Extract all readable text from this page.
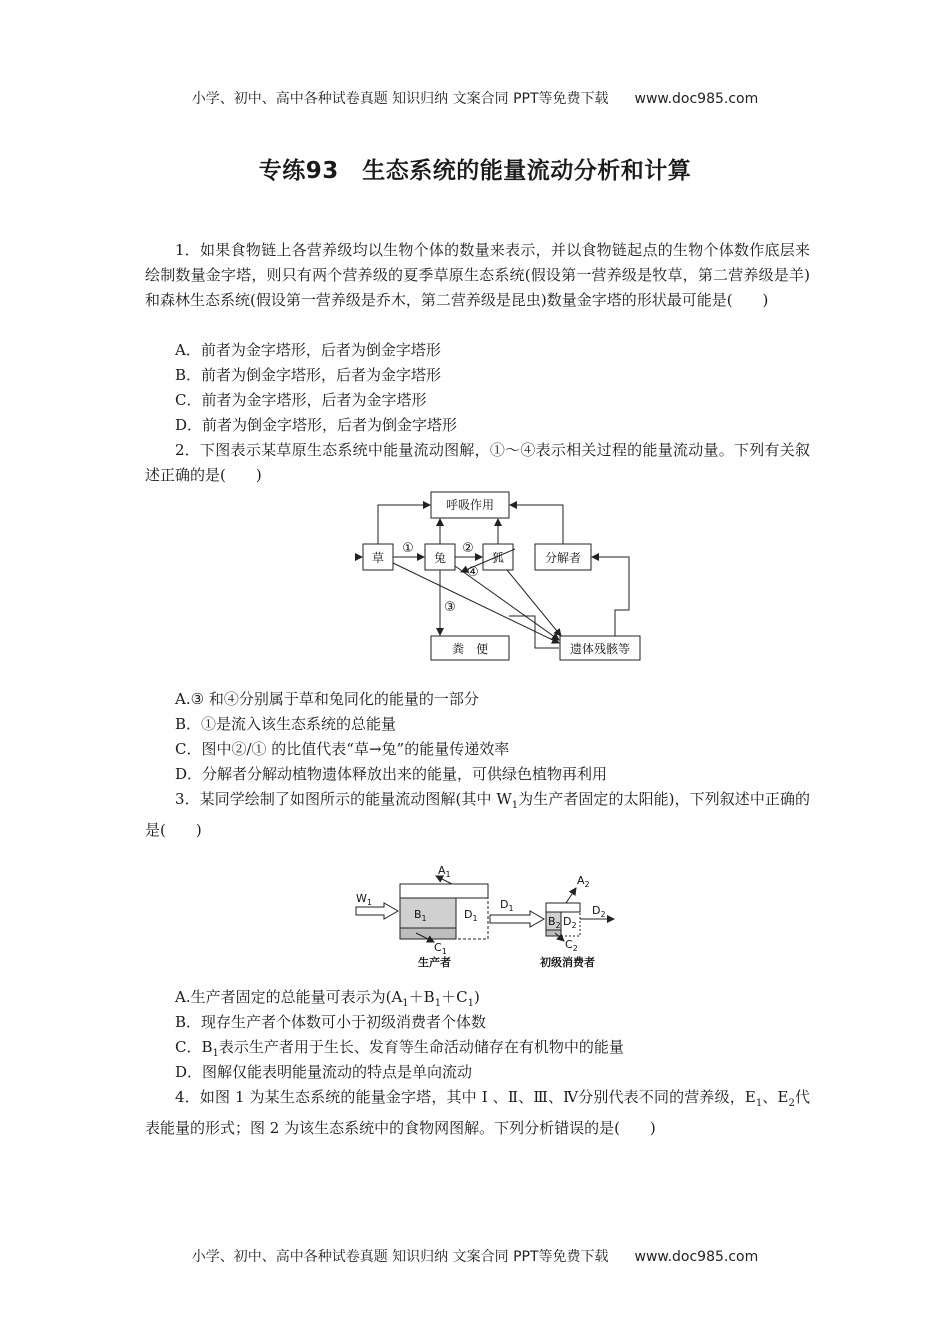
小学、初中、高中各种试卷真题 知识归纳 文案合同 PPT等免费下载 www.doc985.com
专练93　生态系统的能量流动分析和计算

1．如果食物链上各营养级均以生物个体的数量来表示，并以食物链起点的生物个体数作底层来绘制数量金字塔，则只有两个营养级的夏季草原生态系统(假设第一营养级是牧草，第二营养级是羊)和森林生态系统(假设第一营养级是乔木，第二营养级是昆虫)数量金字塔的形状最可能是(　　)

A．前者为金字塔形，后者为倒金字塔形

B．前者为倒金字塔形，后者为金字塔形

C．前者为金字塔形，后者为金字塔形

D．前者为倒金字塔形，后者为倒金字塔形

2．下图表示某草原生态系统中能量流动图解，①～④表示相关过程的能量流动量。下列有关叙述正确的是(　　)

呼吸作用
草	兔	狐	分解者
粪　便	遗体残骸等
①	②
④
③

A.③ 和④分别属于草和兔同化的能量的一部分

B．①是流入该生态系统的总能量

C．图中②/① 的比值代表“草→兔”的能量传递效率

D．分解者分解动植物遗体释放出来的能量，可供绿色植物再利用

3．某同学绘制了如图所示的能量流动图解(其中 $W_1$为生产者固定的太阳能)，下列叙述中正确的是(　　)

$W_1$
$A_1$
$B_1$	$D_1$
$C_1$
$D_1$
$A_2$
$B_2$ $D_2$
$C_2$
$D_2$
生产者	初级消费者

A.生产者固定的总能量可表示为$(A_1+B_1+C_1)$

B．现存生产者个体数可小于初级消费者个体数

C．$B_1$表示生产者用于生长、发育等生命活动储存在有机物中的能量

D．图解仅能表明能量流动的特点是单向流动

4．如图 1 为某生态系统的能量金字塔，其中 Ⅰ 、Ⅱ、Ⅲ、Ⅳ分别代表不同的营养级，$E_1$、$E_2$代表能量的形式；图 2 为该生态系统中的食物网图解。下列分析错误的是(　　)

小学、初中、高中各种试卷真题 知识归纳 文案合同 PPT等免费下载 www.doc985.com
